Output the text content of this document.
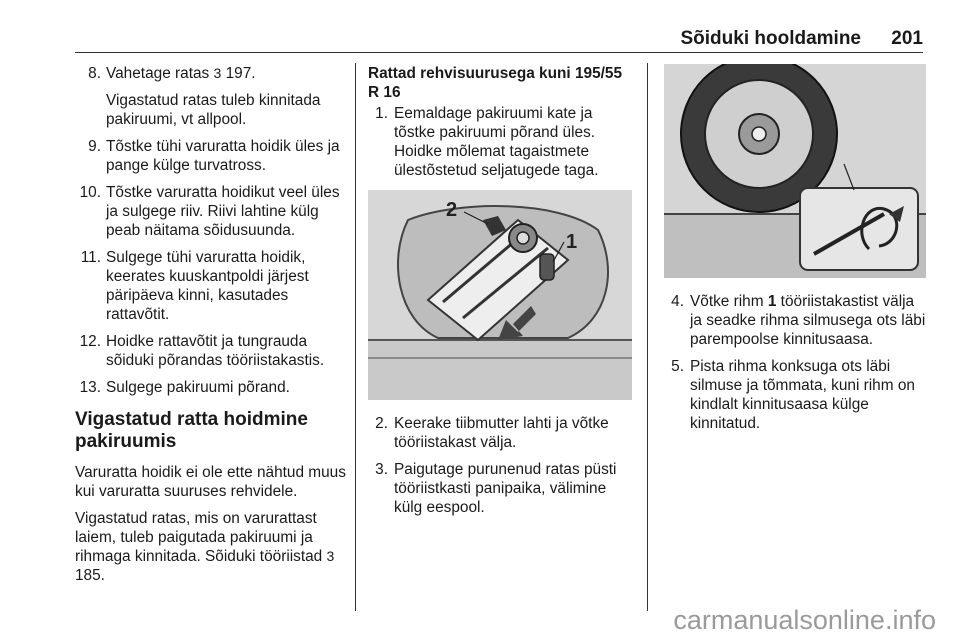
Sõiduki hooldamine 201
8. Vahetage ratas 3 197.
Vigastatud ratas tuleb kinnitada pakiruumi, vt allpool.
9. Tõstke tühi varuratta hoidik üles ja pange külge turvatross.
10. Tõstke varuratta hoidikut veel üles ja sulgege riiv. Riivi lahtine külg peab näitama sõidusuunda.
11. Sulgege tühi varuratta hoidik, keerates kuuskantpoldi järjest päripäeva kinni, kasutades rattavõtit.
12. Hoidke rattavõtit ja tungrauda sõiduki põrandas tööriistakastis.
13. Sulgege pakiruumi põrand.
Vigastatud ratta hoidmine pakiruumis
Varuratta hoidik ei ole ette nähtud muus kui varuratta suuruses rehvidele.
Vigastatud ratas, mis on varurattast laiem, tuleb paigutada pakiruumi ja rihmaga kinnitada. Sõiduki tööriistad 3 185.
Rattad rehvisuurusega kuni 195/55 R 16
1. Eemaldage pakiruumi kate ja tõstke pakiruumi põrand üles. Hoidke mõlemat tagaistmete ülestõstetud seljatugede taga.
2
1
2. Keerake tiibmutter lahti ja võtke tööriistakast välja.
3. Paigutage purunenud ratas püsti tööriistkasti panipaika, välimine külg eespool.
4. Võtke rihm 1 tööriistakastist välja ja seadke rihma silmusega ots läbi parempoolse kinnitusaasa.
5. Pista rihma konksuga ots läbi silmuse ja tõmmata, kuni rihm on kindlalt kinnitusaasa külge kinnitatud.
carmanualsonline.info
